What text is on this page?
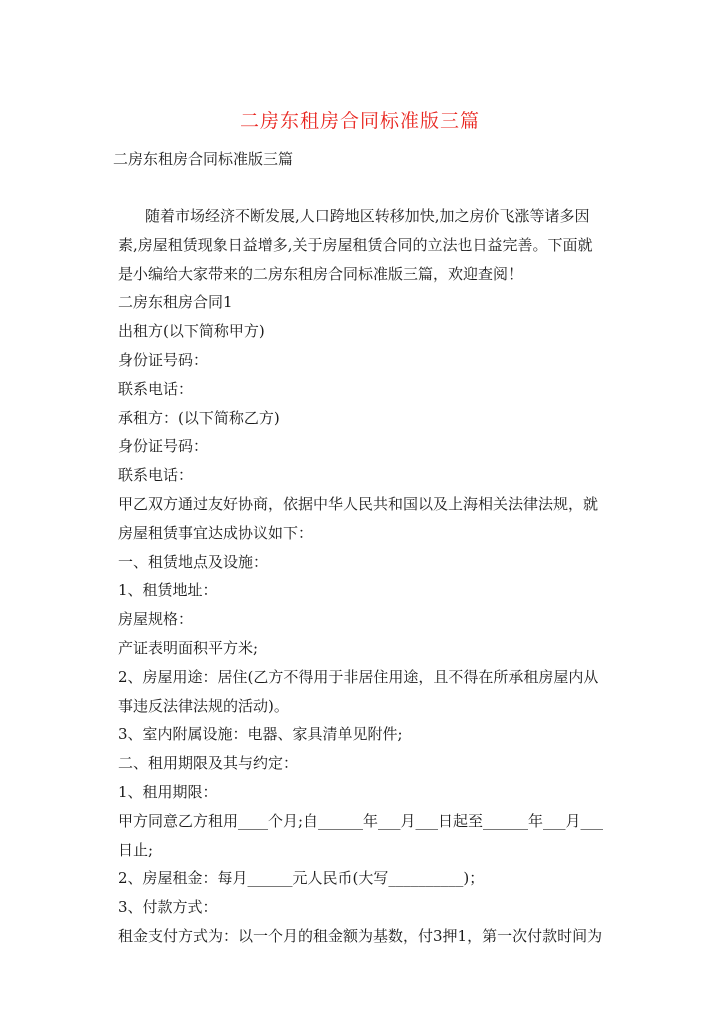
二房东租房合同标准版三篇
二房东租房合同标准版三篇

　随着市场经济不断发展,人口跨地区转移加快,加之房价飞涨等诸多因素,房屋租赁现象日益增多,关于房屋租赁合同的立法也日益完善。下面就是小编给大家带来的二房东租房合同标准版三篇，欢迎查阅！

二房东租房合同1

出租方(以下简称甲方)

身份证号码：

联系电话：

承租方：(以下简称乙方)

身份证号码：

联系电话：

甲乙双方通过友好协商，依据中华人民共和国以及上海相关法律法规，就房屋租赁事宜达成协议如下：

一、租赁地点及设施：

1、租赁地址：

房屋规格：

产证表明面积平方米;

2、房屋用途：居住(乙方不得用于非居住用途，且不得在所承租房屋内从事违反法律法规的活动)。

3、室内附属设施：电器、家具清单见附件;

二、租用期限及其与约定：

1、租用期限：

甲方同意乙方租用____个月;自______年___月___日起至______年___月___日止;

2、房屋租金：每月______元人民币(大写__________)；

3、付款方式：

租金支付方式为：以一个月的租金额为基数，付3押1，第一次付款时间为
